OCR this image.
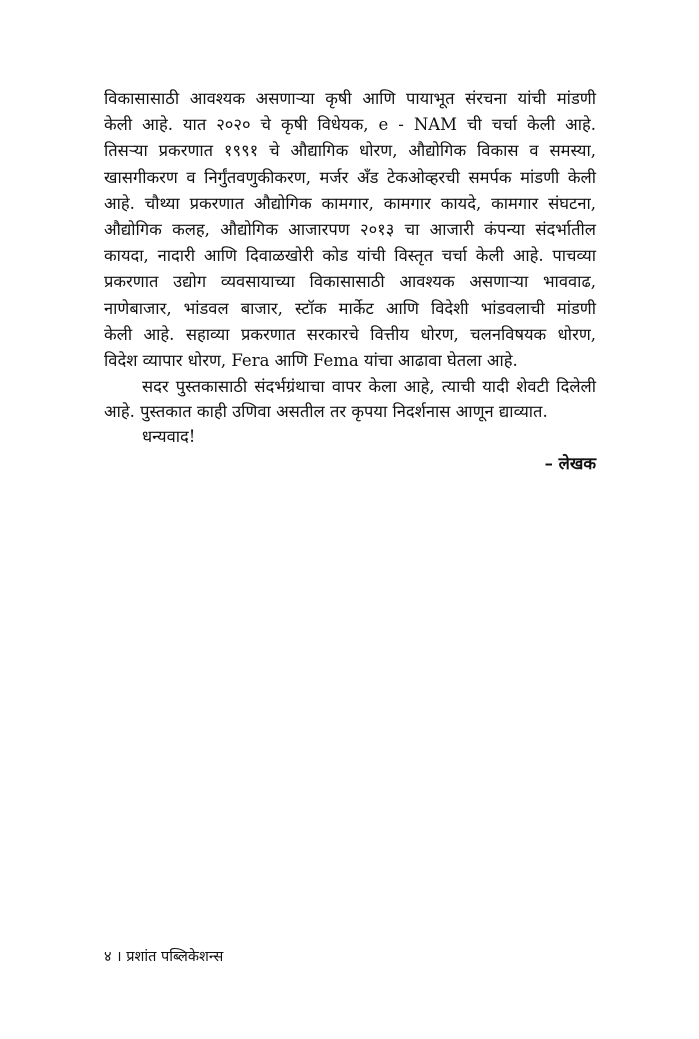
विकासासाठी आवश्यक असणाऱ्या कृषी आणि पायाभूत संरचना यांची मांडणी
केली आहे. यात २०२० चे कृषी विधेयक, e - NAM ची चर्चा केली आहे.
तिसऱ्या प्रकरणात १९९१ चे औद्यागिक धोरण, औद्योगिक विकास व समस्या,
खासगीकरण व निर्गुंतवणुकीकरण, मर्जर अँड टेकओव्हरची समर्पक मांडणी केली
आहे. चौथ्या प्रकरणात औद्योगिक कामगार, कामगार कायदे, कामगार संघटना,
औद्योगिक कलह, औद्योगिक आजारपण २०१३ चा आजारी कंपन्या संदर्भातील
कायदा, नादारी आणि दिवाळखोरी कोड यांची विस्तृत चर्चा केली आहे. पाचव्या
प्रकरणात उद्योग व्यवसायाच्या विकासासाठी आवश्यक असणाऱ्या भाववाढ,
नाणेबाजार, भांडवल बाजार, स्टॉक मार्केट आणि विदेशी भांडवलाची मांडणी
केली आहे. सहाव्या प्रकरणात सरकारचे वित्तीय धोरण, चलनविषयक धोरण,
विदेश व्यापार धोरण, Fera आणि Fema यांचा आढावा घेतला आहे.
सदर पुस्तकासाठी संदर्भग्रंथाचा वापर केला आहे, त्याची यादी शेवटी दिलेली
आहे. पुस्तकात काही उणिवा असतील तर कृपया निदर्शनास आणून द्याव्यात.
धन्यवाद!
– लेखक
४ । प्रशांत पब्लिकेशन्स
